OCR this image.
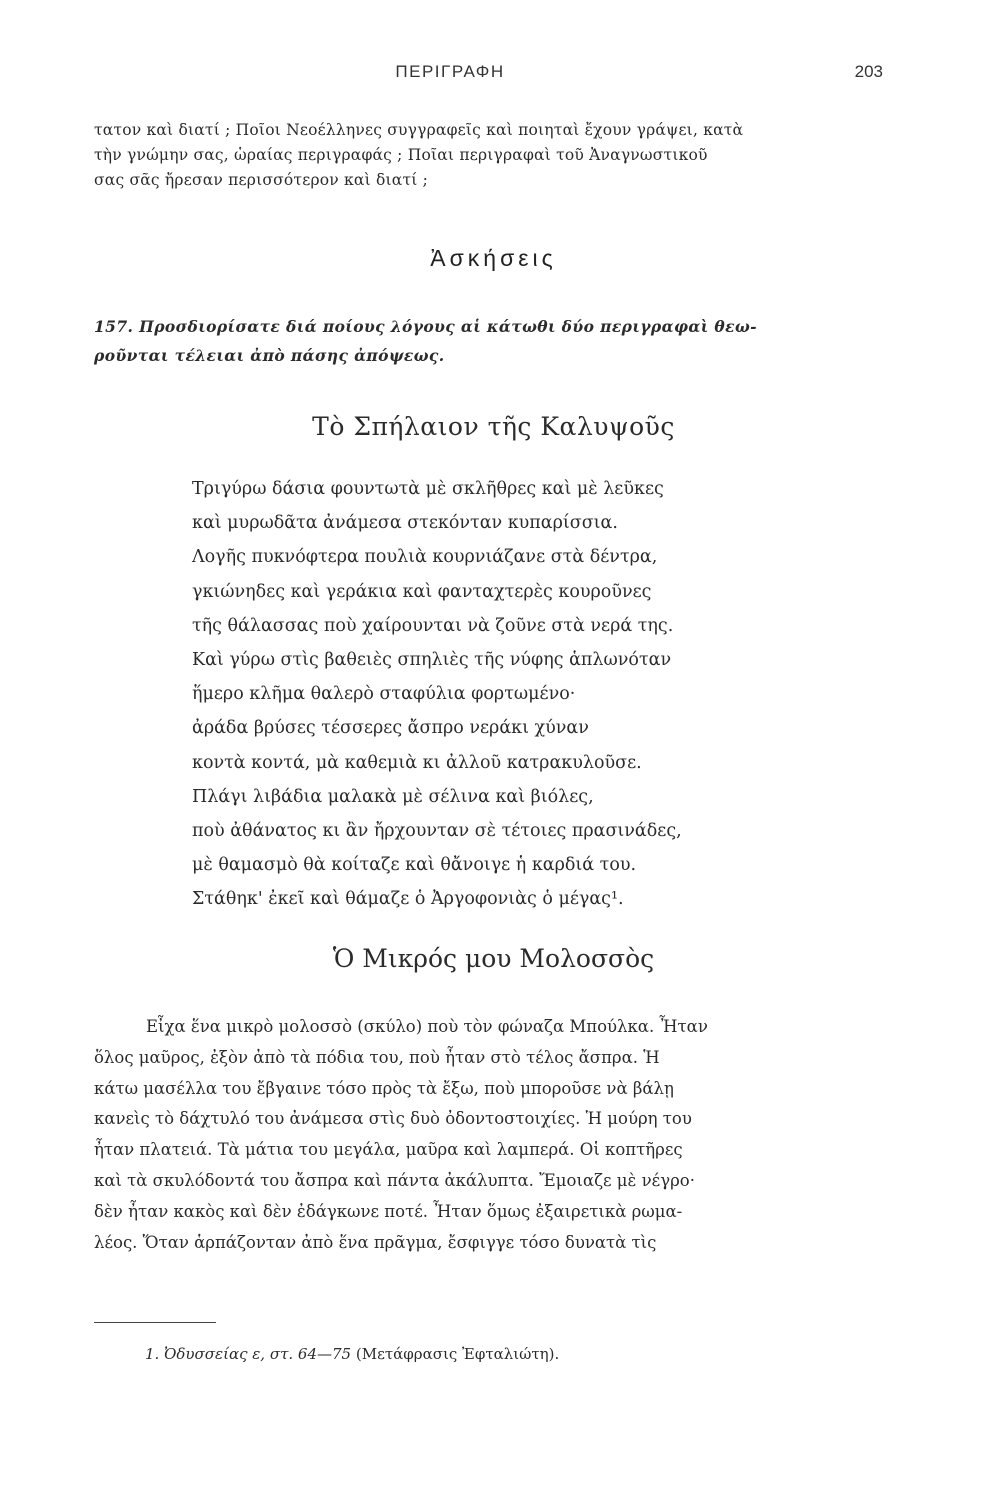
ΠΕΡΙΓΡΑΦΗ	203
τατον καὶ διατί ; Ποῖοι Νεοέλληνες συγγραφεῖς καὶ ποιηταὶ ἔχουν γράψει, κατὰ
τὴν γνώμην σας, ὡραίας περιγραφάς ; Ποῖαι περιγραφαὶ τοῦ Ἀναγνωστικοῦ
σας σᾶς ἤρεσαν περισσότερον καὶ διατί ;
Ἀσκήσεις
157. Προσδιορίσατε διά ποίους λόγους αἱ κάτωθι δύο περιγραφαὶ θεω-
ροῦνται τέλειαι ἀπὸ πάσης ἀπόψεως.
Τὸ Σπήλαιον τῆς Καλυψοῦς
Τριγύρω δάσια φουντωτὰ μὲ σκλῆθρες καὶ μὲ λεῦκες
καὶ μυρωδᾶτα ἀνάμεσα στεκόνταν κυπαρίσσια.
Λογῆς πυκνόφτερα πουλιὰ κουρνιάζανε στὰ δέντρα,
γκιώνηδες καὶ γεράκια καὶ φανταχτερὲς κουροῦνες
τῆς θάλασσας ποὺ χαίρουνται νὰ ζοῦνε στὰ νερά της.
Καὶ γύρω στὶς βαθειὲς σπηλιὲς τῆς νύφης ἁπλωνόταν
ἥμερο κλῆμα θαλερὸ σταφύλια φορτωμένο·
ἀράδα βρύσες τέσσερες ἄσπρο νεράκι χύναν
κοντὰ κοντά, μὰ καθεμιὰ κι ἀλλοῦ κατρακυλοῦσε.
Πλάγι λιβάδια μαλακὰ μὲ σέλινα καὶ βιόλες,
ποὺ ἀθάνατος κι ἂν ἤρχουνταν σὲ τέτοιες πρασινάδες,
μὲ θαμασμὸ θὰ κοίταζε καὶ θἄνοιγε ἡ καρδιά του.
Στάθηκ' ἐκεῖ καὶ θάμαζε ὁ Ἀργοφονιὰς ὁ μέγας¹.
Ὁ Μικρός μου Μολοσσὸς
Εἶχα ἕνα μικρὸ μολοσσὸ (σκύλο) ποὺ τὸν φώναζα Μπούλκα. Ἦταν
ὅλος μαῦρος, ἐξὸν ἀπὸ τὰ πόδια του, ποὺ ἦταν στὸ τέλος ἄσπρα. Ἡ
κάτω μασέλλα του ἔβγαινε τόσο πρὸς τὰ ἔξω, ποὺ μποροῦσε νὰ βάλῃ
κανεὶς τὸ δάχτυλό του ἀνάμεσα στὶς δυὸ ὀδοντοστοιχίες. Ἡ μούρη του
ἦταν πλατειά. Τὰ μάτια του μεγάλα, μαῦρα καὶ λαμπερά. Οἱ κοπτῆρες
καὶ τὰ σκυλόδοντά του ἄσπρα καὶ πάντα ἀκάλυπτα. Ἔμοιαζε μὲ νέγρο·
δὲν ἦταν κακὸς καὶ δὲν ἐδάγκωνε ποτέ. Ἦταν ὅμως ἐξαιρετικὰ ρωμα-
λέος. Ὅταν ἁρπάζονταν ἀπὸ ἕνα πρᾶγμα, ἔσφιγγε τόσο δυνατὰ τὶς
1. Ὀδυσσείας ε, στ. 64—75 (Μετάφρασις Ἐφταλιώτη).
